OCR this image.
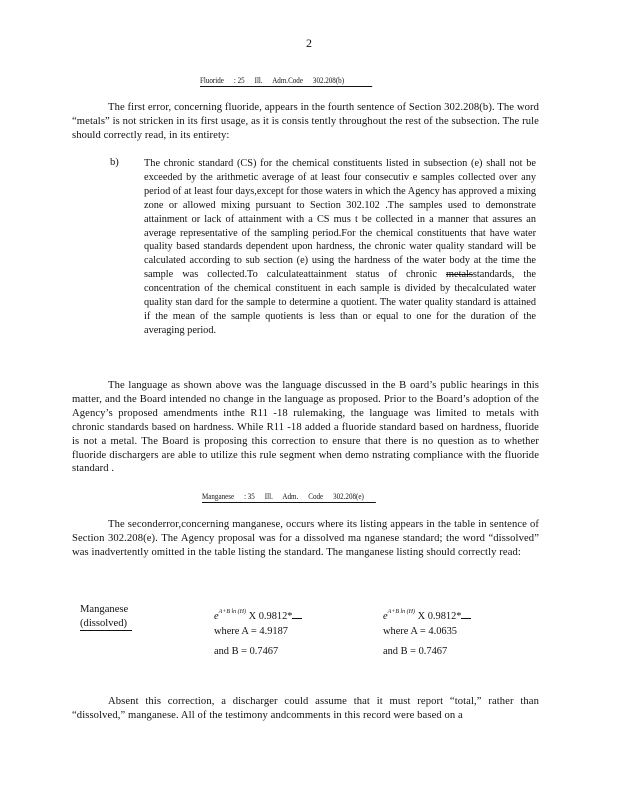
2
Fluoride : 25 Ill. Adm.Code 302.208(b)
The first error, concerning fluoride, appears in the fourth sentence of Section 302.208(b). The word “metals” is not stricken in its first usage, as it is consis tently throughout the rest of the subsection. The rule should correctly read, in its entirety:
b) The chronic standard (CS) for the chemical constituents listed in subsection (e) shall not be exceeded by the arithmetic average of at least four consecutiv e samples collected over any period of at least four days,except for those waters in which the Agency has approved a mixing zone or allowed mixing pursuant to Section 302.102 .The samples used to demonstrate attainment or lack of attainment with a CS mus t be collected in a manner that assures an average representative of the sampling period.For the chemical constituents that have water quality based standards dependent upon hardness, the chronic water quality standard will be calculated according to sub section (e) using the hardness of the water body at the time the sample was collected.To calculateattainment status of chronic metalsstandards, the concentration of the chemical constituent in each sample is divided by thecalculated water quality stan dard for the sample to determine a quotient. The water quality standard is attained if the mean of the sample quotients is less than or equal to one for the duration of the averaging period.
The language as shown above was the language discussed in the B oard’s public hearings in this matter, and the Board intended no change in the language as proposed. Prior to the Board’s adoption of the Agency’s proposed amendments inthe R11 -18 rulemaking, the language was limited to metals with chronic standards based on hardness. While R11 -18 added a fluoride standard based on hardness, fluoride is not a metal. The Board is proposing this correction to ensure that there is no question as to whether fluoride dischargers are able to utilize this rule segment when demo nstrating compliance with the fluoride standard .
Manganese : 35 Ill. Adm. Code 302.208(e)
The seconderror,concerning manganese, occurs where its listing appears in the table in sentence of Section 302.208(e). The Agency proposal was for a dissolved ma nganese standard; the word “dissolved” was inadvertently omitted in the table listing the standard. The manganese listing should correctly read:
Manganese
(dissolved)
$e^{A+B ln (H)}$ X 0.9812*
where A = 4.9187
and B = 0.7467
$e^{A+B ln (H)}$ X 0.9812*
where A = 4.0635
and B = 0.7467
Absent this correction, a discharger could assume that it must report “total,” rather than “dissolved,” manganese. All of the testimony andcomments in this record were based on a
